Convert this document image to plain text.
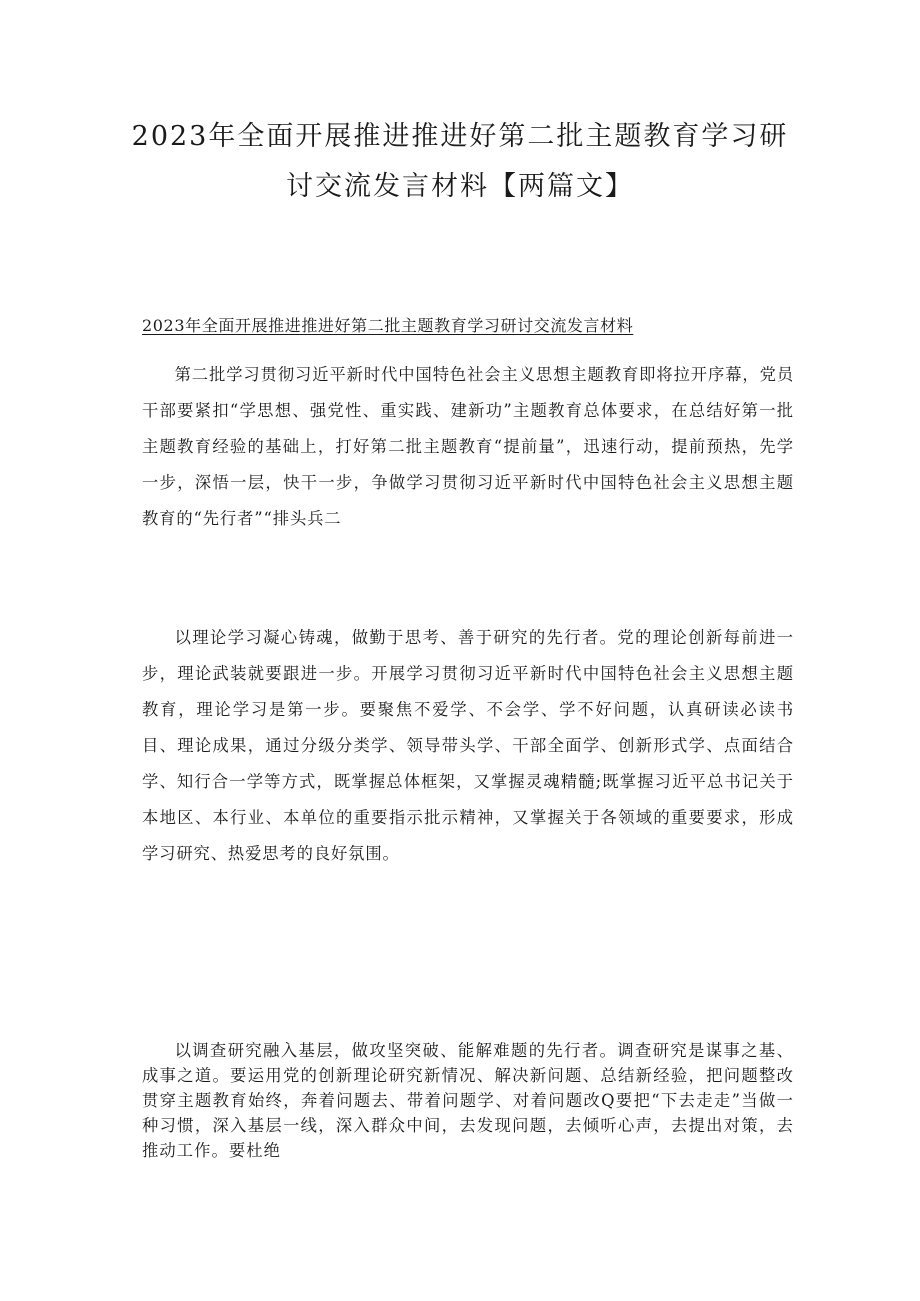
2023年全面开展推进推进好第二批主题教育学习研
讨交流发言材料【两篇文】

2023年全面开展推进推进好第二批主题教育学习研讨交流发言材料

第二批学习贯彻习近平新时代中国特色社会主义思想主题教育即将拉开序幕，党员干部要紧扣“学思想、强党性、重实践、建新功”主题教育总体要求，在总结好第一批主题教育经验的基础上，打好第二批主题教育“提前量”，迅速行动，提前预热，先学一步，深悟一层，快干一步，争做学习贯彻习近平新时代中国特色社会主义思想主题教育的“先行者”“排头兵二

以理论学习凝心铸魂，做勤于思考、善于研究的先行者。党的理论创新每前进一步，理论武装就要跟进一步。开展学习贯彻习近平新时代中国特色社会主义思想主题教育，理论学习是第一步。要聚焦不爱学、不会学、学不好问题，认真研读必读书目、理论成果，通过分级分类学、领导带头学、干部全面学、创新形式学、点面结合学、知行合一学等方式，既掌握总体框架，又掌握灵魂精髓;既掌握习近平总书记关于本地区、本行业、本单位的重要指示批示精神，又掌握关于各领域的重要要求，形成学习研究、热爱思考的良好氛围。

以调查研究融入基层，做攻坚突破、能解难题的先行者。调查研究是谋事之基、成事之道。要运用党的创新理论研究新情况、解决新问题、总结新经验，把问题整改贯穿主题教育始终，奔着问题去、带着问题学、对着问题改Q要把“下去走走”当做一种习惯，深入基层一线，深入群众中间，去发现问题，去倾听心声，去提出对策，去推动工作。要杜绝
